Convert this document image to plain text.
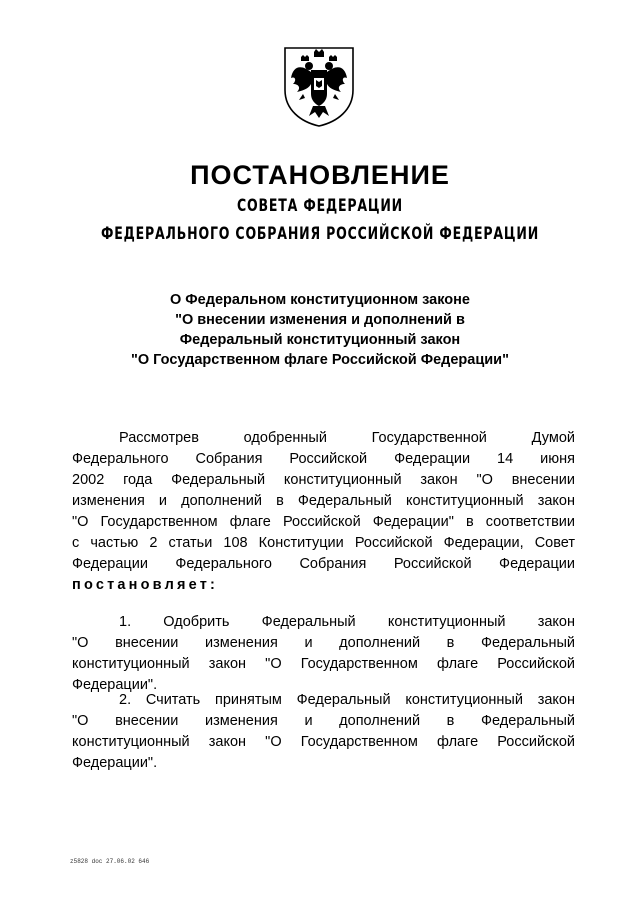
ПОСТАНОВЛЕНИЕ
СОВЕТА ФЕДЕРАЦИИ
ФЕДЕРАЛЬНОГО СОБРАНИЯ РОССИЙСКОЙ ФЕДЕРАЦИИ
О Федеральном конституционном законе
"О внесении изменения и дополнений в
Федеральный конституционный закон
"О Государственном флаге Российской Федерации"
Рассмотрев одобренный Государственной Думой
Федерального Собрания Российской Федерации 14 июня
2002 года Федеральный конституционный закон "О внесении
изменения и дополнений в Федеральный конституционный закон
"О Государственном флаге Российской Федерации" в соответствии
с частью 2 статьи 108 Конституции Российской Федерации, Совет
Федерации Федерального Собрания Российской Федерации
постановляет:
1. Одобрить Федеральный конституционный закон
"О внесении изменения и дополнений в Федеральный
конституционный закон "О Государственном флаге Российской
Федерации".
2. Считать принятым Федеральный конституционный закон
"О внесении изменения и дополнений в Федеральный
конституционный закон "О Государственном флаге Российской
Федерации".
z5828 doc 27.06.02 646
